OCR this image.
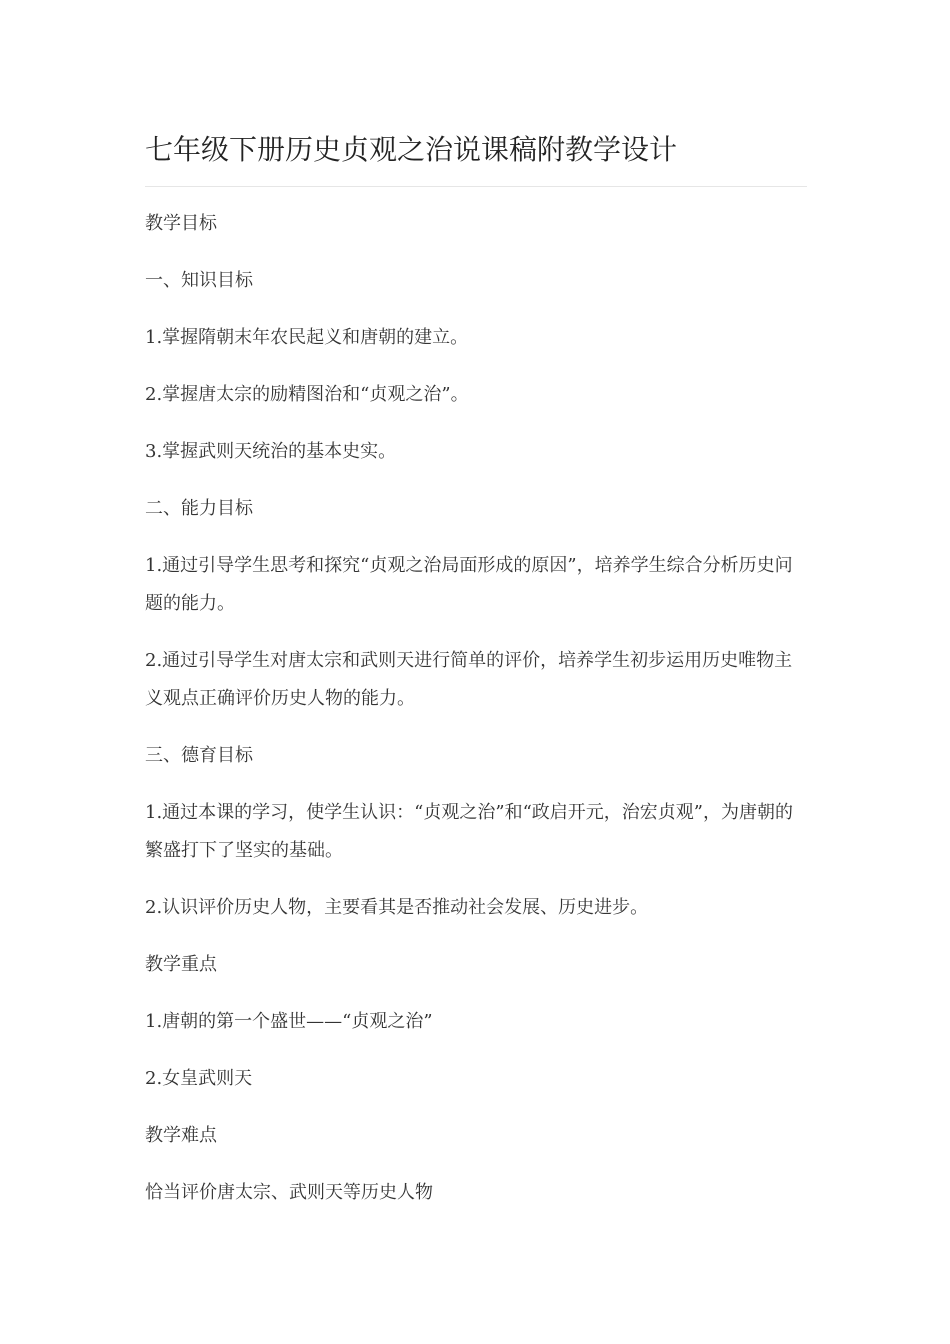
七年级下册历史贞观之治说课稿附教学设计

教学目标

一、知识目标

1.掌握隋朝末年农民起义和唐朝的建立。

2.掌握唐太宗的励精图治和“贞观之治”。

3.掌握武则天统治的基本史实。

二、能力目标

1.通过引导学生思考和探究“贞观之治局面形成的原因”，培养学生综合分析历史问题的能力。

2.通过引导学生对唐太宗和武则天进行简单的评价，培养学生初步运用历史唯物主义观点正确评价历史人物的能力。

三、德育目标

1.通过本课的学习，使学生认识：“贞观之治”和“政启开元，治宏贞观”，为唐朝的繁盛打下了坚实的基础。

2.认识评价历史人物，主要看其是否推动社会发展、历史进步。

教学重点

1.唐朝的第一个盛世——“贞观之治”

2.女皇武则天

教学难点

恰当评价唐太宗、武则天等历史人物
